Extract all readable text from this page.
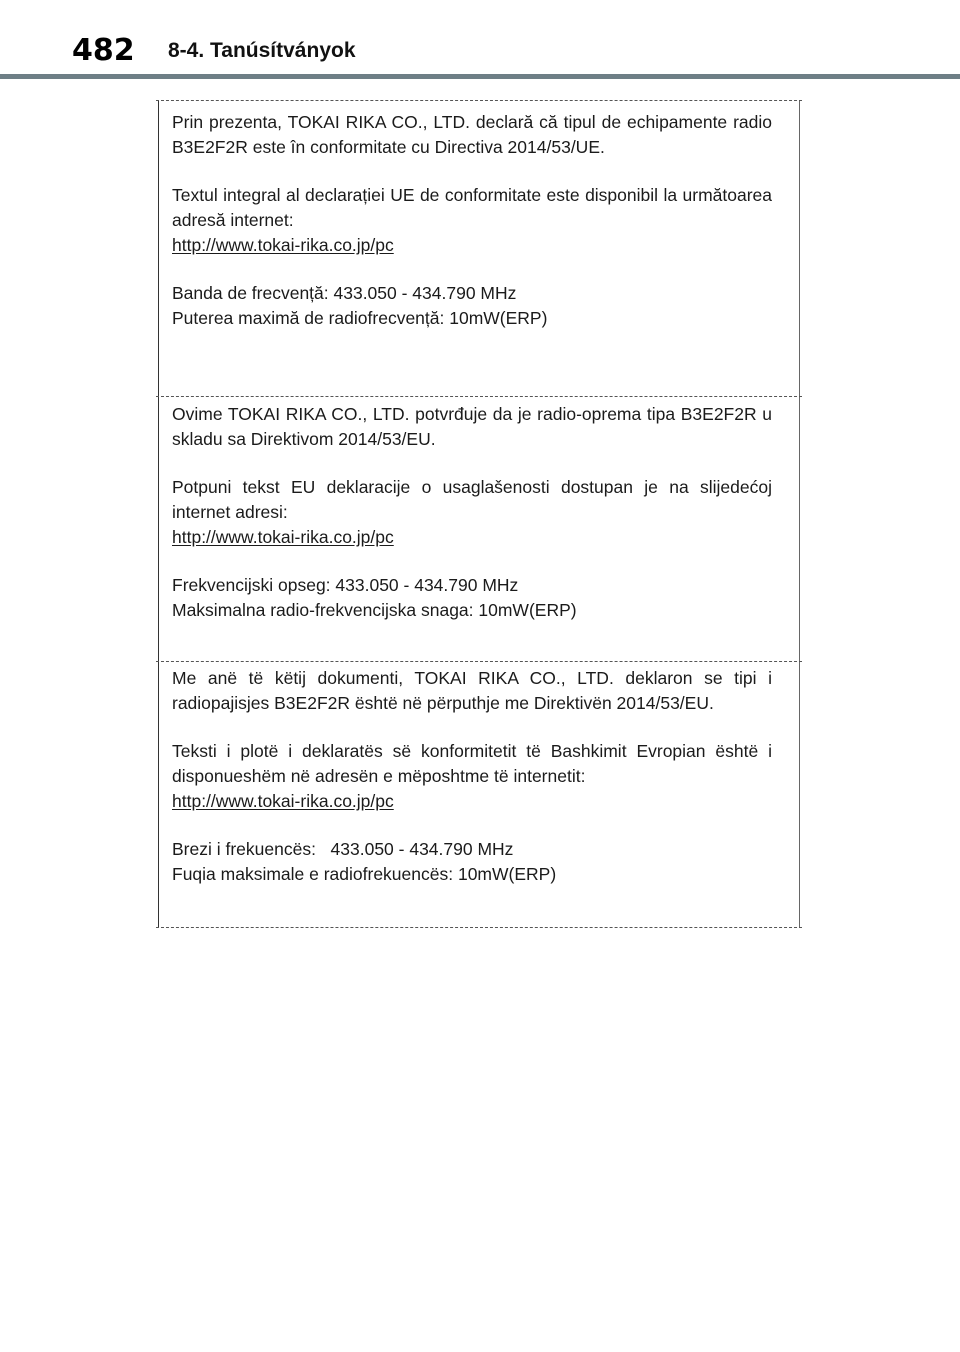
482 8-4. Tanúsítványok

Prin prezenta, TOKAI RIKA CO., LTD. declară că tipul de echipamente radio B3E2F2R este în conformitate cu Directiva 2014/53/UE.

Textul integral al declarației UE de conformitate este disponibil la următoarea adresă internet:

http://www.tokai-rika.co.jp/pc

Banda de frecvență: 433.050 - 434.790 MHz

Puterea maximă de radiofrecvență: 10mW(ERP)

Ovime TOKAI RIKA CO., LTD. potvrđuje da je radio-oprema tipa B3E2F2R u skladu sa Direktivom 2014/53/EU.

Potpuni tekst EU deklaracije o usaglašenosti dostupan je na slijedećoj internet adresi:

http://www.tokai-rika.co.jp/pc

Frekvencijski opseg: 433.050 - 434.790 MHz

Maksimalna radio-frekvencijska snaga: 10mW(ERP)

Me anë të këtij dokumenti, TOKAI RIKA CO., LTD. deklaron se tipi i radiopajisjes B3E2F2R është në përputhje me Direktivën 2014/53/EU.

Teksti i plotë i deklaratës së konformitetit të Bashkimit Evropian është i disponueshëm në adresën e mëposhtme të internetit:

http://www.tokai-rika.co.jp/pc

Brezi i frekuencës:   433.050 - 434.790 MHz

Fuqia maksimale e radiofrekuencës: 10mW(ERP)
